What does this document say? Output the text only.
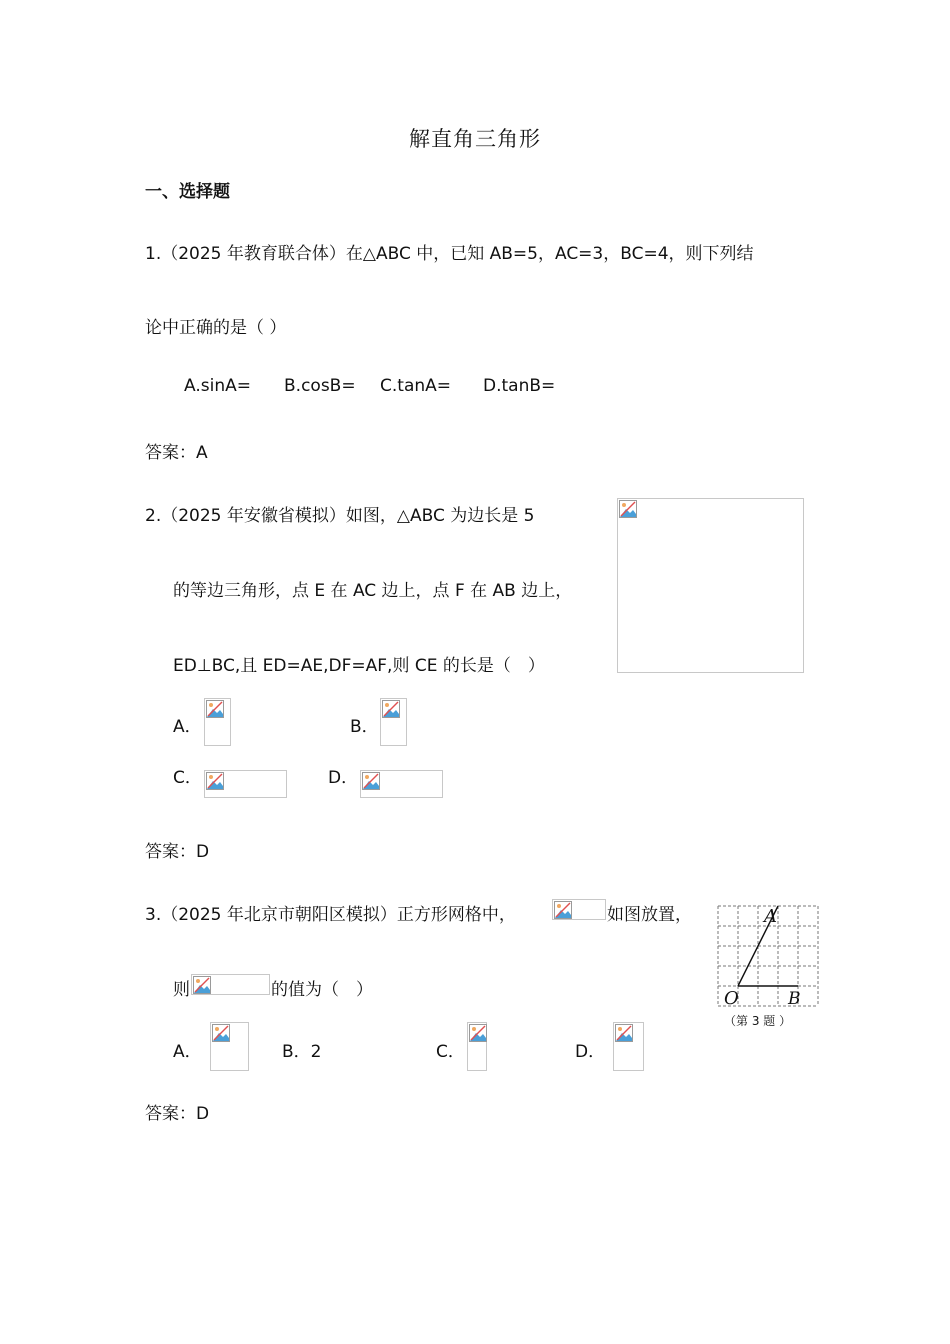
解直角三角形
一、选择题
1.（2025 年教育联合体）在△ABC 中，已知 AB=5，AC=3，BC=4，则下列结
论中正确的是（ ）
A.sinA= B.cosB= C.tanA= D.tanB=
答案：A
2.（2025 年安徽省模拟）如图，△ABC 为边长是 5
的等边三角形，点 E 在 AC 边上，点 F 在 AB 边上，
ED⊥BC,且 ED=AE,DF=AF,则 CE 的长是（　）
A．	B．
C．	D．
答案：D
3.（2025 年北京市朝阳区模拟）正方形网格中，	如图放置，
则	的值为（　）
A
O	B
（第 3 题 ）
A．	B．2	C．	D．
答案：D
